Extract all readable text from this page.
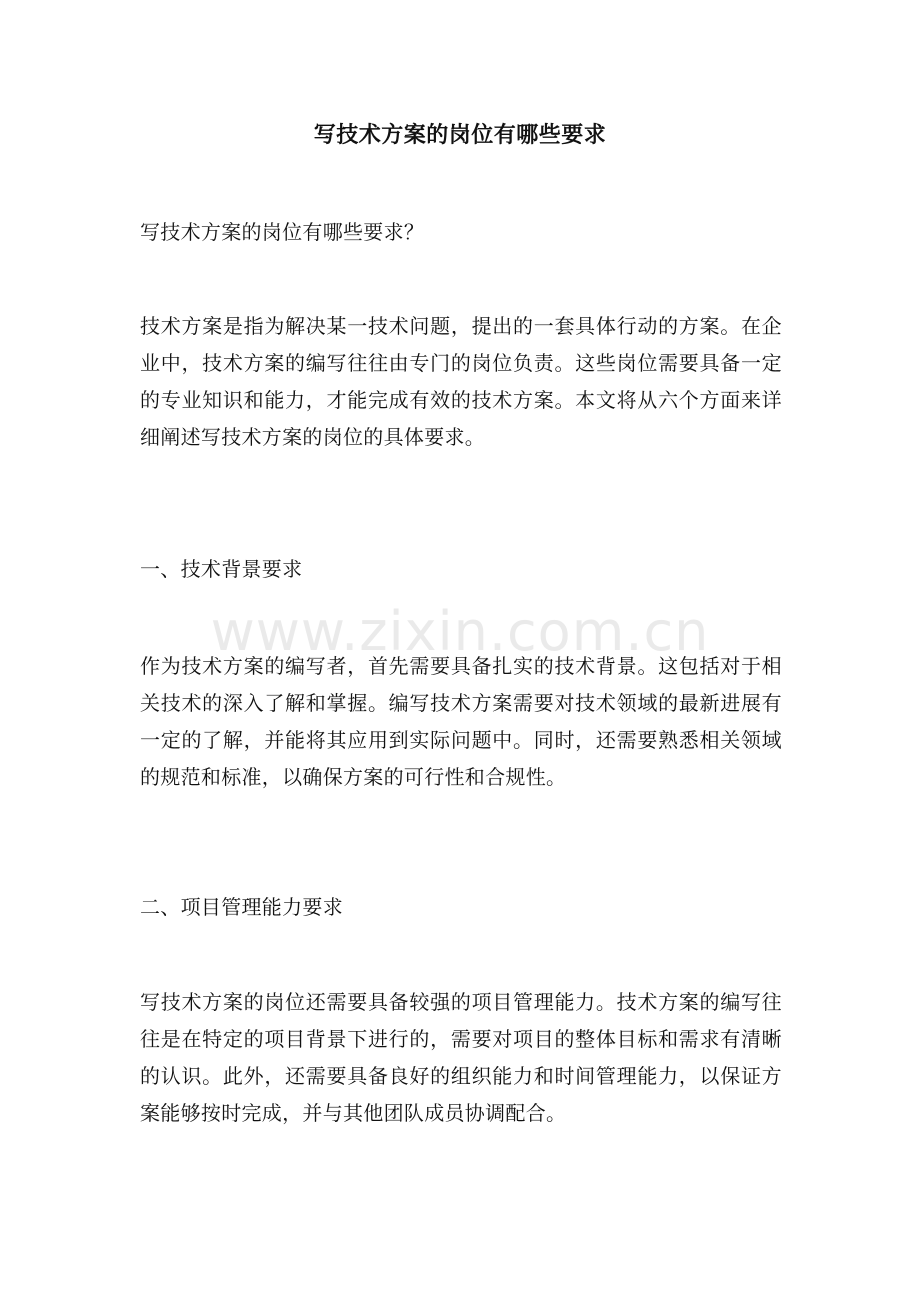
写技术方案的岗位有哪些要求
写技术方案的岗位有哪些要求？
技术方案是指为解决某一技术问题，提出的一套具体行动的方案。在企业中，技术方案的编写往往由专门的岗位负责。这些岗位需要具备一定的专业知识和能力，才能完成有效的技术方案。本文将从六个方面来详细阐述写技术方案的岗位的具体要求。
一、技术背景要求
作为技术方案的编写者，首先需要具备扎实的技术背景。这包括对于相关技术的深入了解和掌握。编写技术方案需要对技术领域的最新进展有一定的了解，并能将其应用到实际问题中。同时，还需要熟悉相关领域的规范和标准，以确保方案的可行性和合规性。
二、项目管理能力要求
写技术方案的岗位还需要具备较强的项目管理能力。技术方案的编写往往是在特定的项目背景下进行的，需要对项目的整体目标和需求有清晰的认识。此外，还需要具备良好的组织能力和时间管理能力，以保证方案能够按时完成，并与其他团队成员协调配合。
www.zixin.com.cn
